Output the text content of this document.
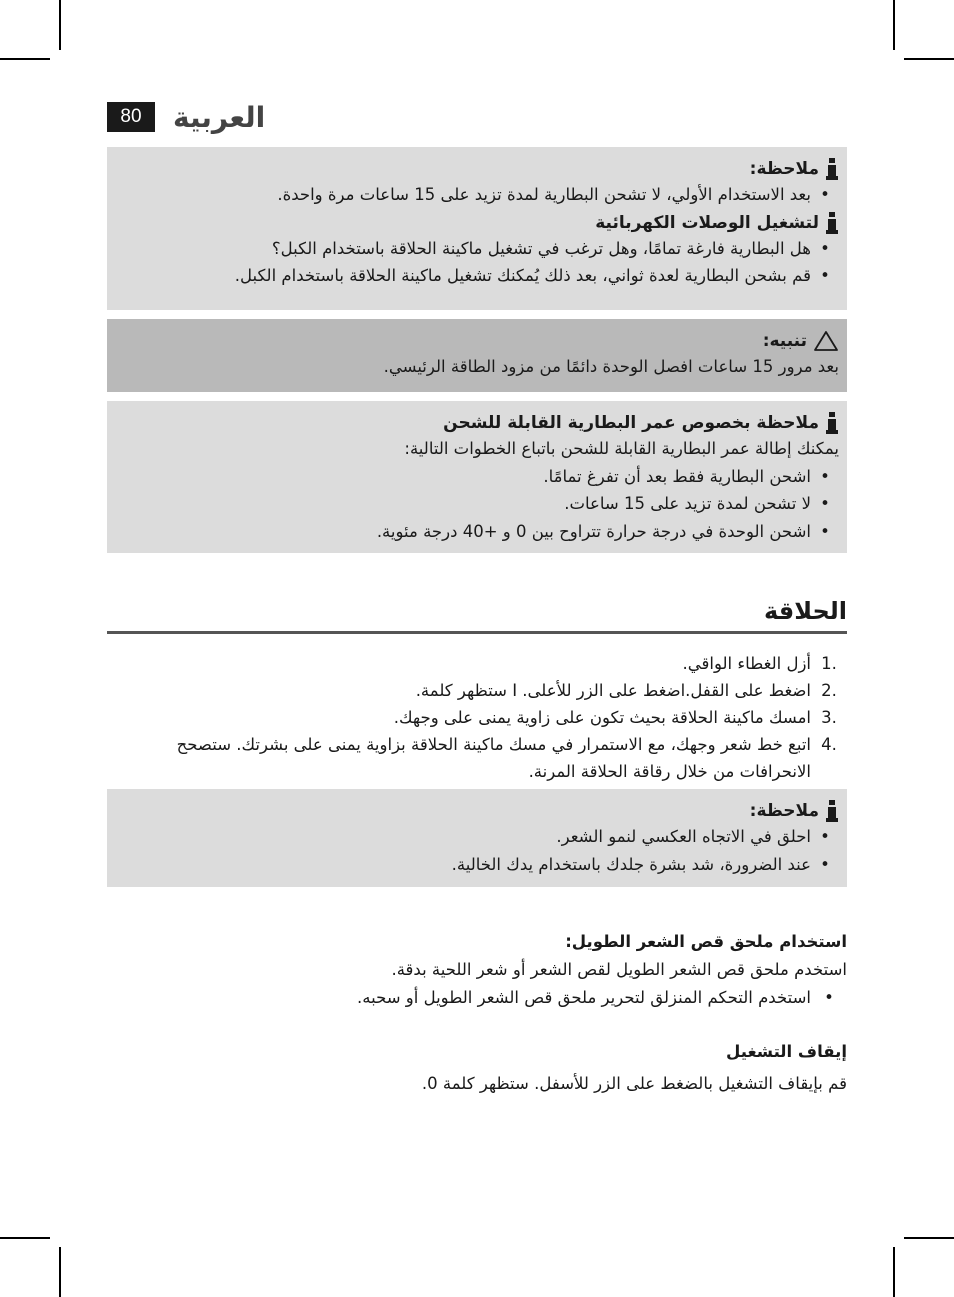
80	العربية
ملاحظة:
•
بعد الاستخدام الأولي، لا تشحن البطارية لمدة تزيد على 15 ساعات مرة واحدة.
لتشغيل الوصلات الكهربائية
•
هل البطارية فارغة تمامًا، وهل ترغب في تشغيل ماكينة الحلاقة باستخدام الكبل؟
•
قم بشحن البطارية لعدة ثواني، بعد ذلك يُمكنك تشغيل ماكينة الحلاقة باستخدام الكبل.
تنبيه:
بعد مرور 15 ساعات افصل الوحدة دائمًا من مزود الطاقة الرئيسي.
ملاحظة بخصوص عمر البطارية القابلة للشحن
يمكنك إطالة عمر البطارية القابلة للشحن باتباع الخطوات التالية:
•
اشحن البطارية فقط بعد أن تفرغ تمامًا.
•
لا تشحن لمدة تزيد على 15 ساعات.
•
اشحن الوحدة في درجة حرارة تتراوح بين 0 و +40 درجة مئوية.
الحلاقة
1.
أزل الغطاء الواقي.
2.
اضغط على القفل.اضغط على الزر للأعلى. I ستظهر كلمة.
3.
امسك ماكينة الحلاقة بحيث تكون على زاوية يمنى على وجهك.
4.
اتبع خط شعر وجهك، مع الاستمرار في مسك ماكينة الحلاقة بزاوية يمنى على بشرتك. ستصحح الانحرافات من خلال رقاقة الحلاقة المرنة.
ملاحظة:
•
احلق في الاتجاه العكسي لنمو الشعر.
•
عند الضرورة، شد بشرة جلدك باستخدام يدك الخالية.
استخدام ملحق قص الشعر الطويل:
استخدم ملحق قص الشعر الطويل لقص الشعر أو شعر اللحية بدقة.
•
استخدم التحكم المنزلق لتحرير ملحق قص الشعر الطويل أو سحبه.
إيقاف التشغيل
قم بإيقاف التشغيل بالضغط على الزر للأسفل. ستظهر كلمة 0.
